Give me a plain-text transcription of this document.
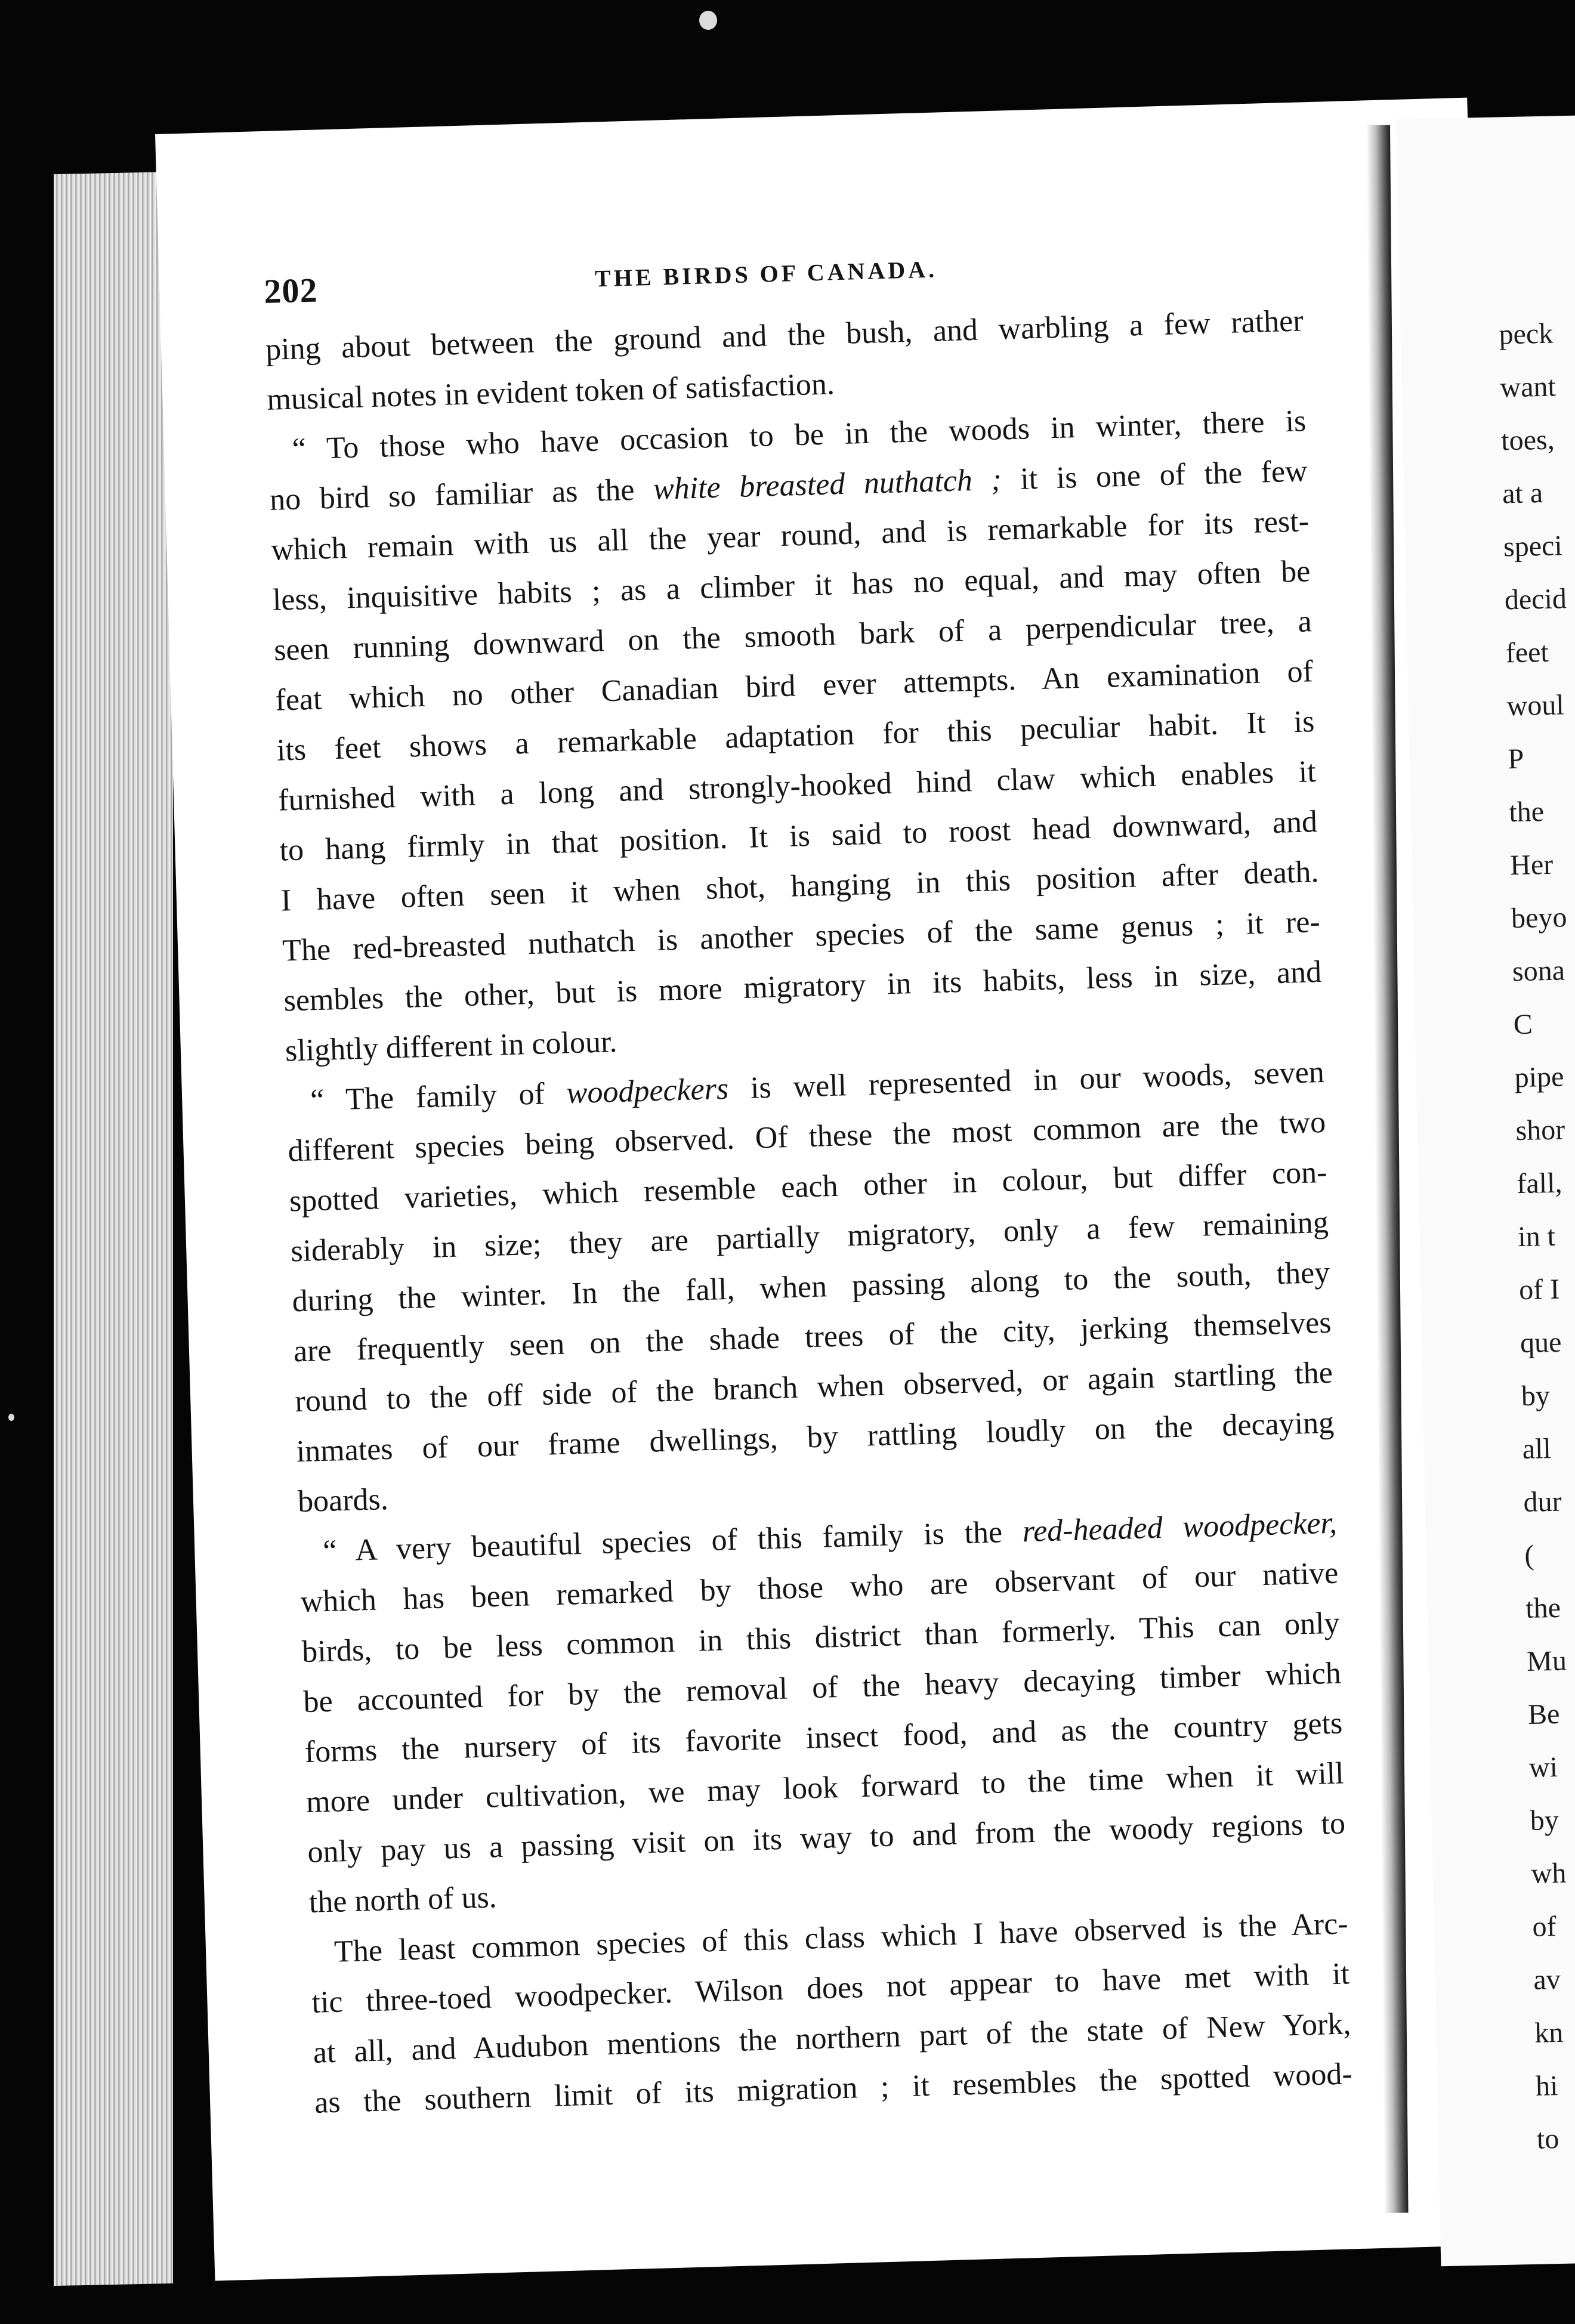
202	THE BIRDS OF CANADA.
ping about between the ground and the bush, and warbling a few rather
musical notes in evident token of satisfaction.
“ To those who have occasion to be in the woods in winter, there is
no bird so familiar as the white breasted nuthatch ; it is one of the few
which remain with us all the year round, and is remarkable for its rest-
less, inquisitive habits ; as a climber it has no equal, and may often be
seen running downward on the smooth bark of a perpendicular tree, a
feat which no other Canadian bird ever attempts. An examination of
its feet shows a remarkable adaptation for this peculiar habit. It is
furnished with a long and strongly-hooked hind claw which enables it
to hang firmly in that position. It is said to roost head downward, and
I have often seen it when shot, hanging in this position after death.
The red-breasted nuthatch is another species of the same genus ; it re-
sembles the other, but is more migratory in its habits, less in size, and
slightly different in colour.
“ The family of woodpeckers is well represented in our woods, seven
different species being observed. Of these the most common are the two
spotted varieties, which resemble each other in colour, but differ con-
siderably in size; they are partially migratory, only a few remaining
during the winter. In the fall, when passing along to the south, they
are frequently seen on the shade trees of the city, jerking themselves
round to the off side of the branch when observed, or again startling the
inmates of our frame dwellings, by rattling loudly on the decaying
boards.
“ A very beautiful species of this family is the red-headed woodpecker,
which has been remarked by those who are observant of our native
birds, to be less common in this district than formerly. This can only
be accounted for by the removal of the heavy decaying timber which
forms the nursery of its favorite insect food, and as the country gets
more under cultivation, we may look forward to the time when it will
only pay us a passing visit on its way to and from the woody regions to
the north of us.
The least common species of this class which I have observed is the Arc-
tic three-toed woodpecker. Wilson does not appear to have met with it
at all, and Audubon mentions the northern part of the state of New York,
as the southern limit of its migration ; it resembles the spotted wood-
peck
want
toes,
at a
speci
decid
feet
woul
P
the
Her
beyo
sona
C
pipe
shor
fall,
in t
of I
que
by
all
dur
(
the
Mu
Be
wi
by
wh
of
av
kn
hi
to
